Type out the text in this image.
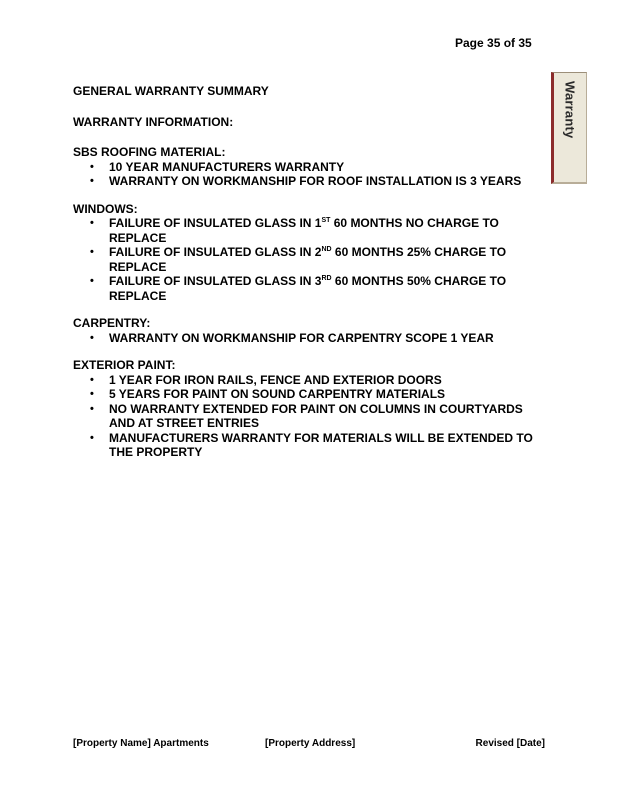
Page 35 of 35
Warranty

GENERAL WARRANTY SUMMARY

WARRANTY INFORMATION:

SBS ROOFING MATERIAL:

• 10 YEAR MANUFACTURERS WARRANTY
• WARRANTY ON WORKMANSHIP FOR ROOF INSTALLATION IS 3 YEARS

WINDOWS:

• FAILURE OF INSULATED GLASS IN 1ST 60 MONTHS NO CHARGE TO REPLACE
• FAILURE OF INSULATED GLASS IN 2ND 60 MONTHS 25% CHARGE TO REPLACE
• FAILURE OF INSULATED GLASS IN 3RD 60 MONTHS 50% CHARGE TO REPLACE

CARPENTRY:

• WARRANTY ON WORKMANSHIP FOR CARPENTRY SCOPE 1 YEAR

EXTERIOR PAINT:

• 1 YEAR FOR IRON RAILS, FENCE AND EXTERIOR DOORS
• 5 YEARS FOR PAINT ON SOUND CARPENTRY MATERIALS
• NO WARRANTY EXTENDED FOR PAINT ON COLUMNS IN COURTYARDS AND AT STREET ENTRIES
• MANUFACTURERS WARRANTY FOR MATERIALS WILL BE EXTENDED TO THE PROPERTY
[Property Name] Apartments	[Property Address]	Revised [Date]
